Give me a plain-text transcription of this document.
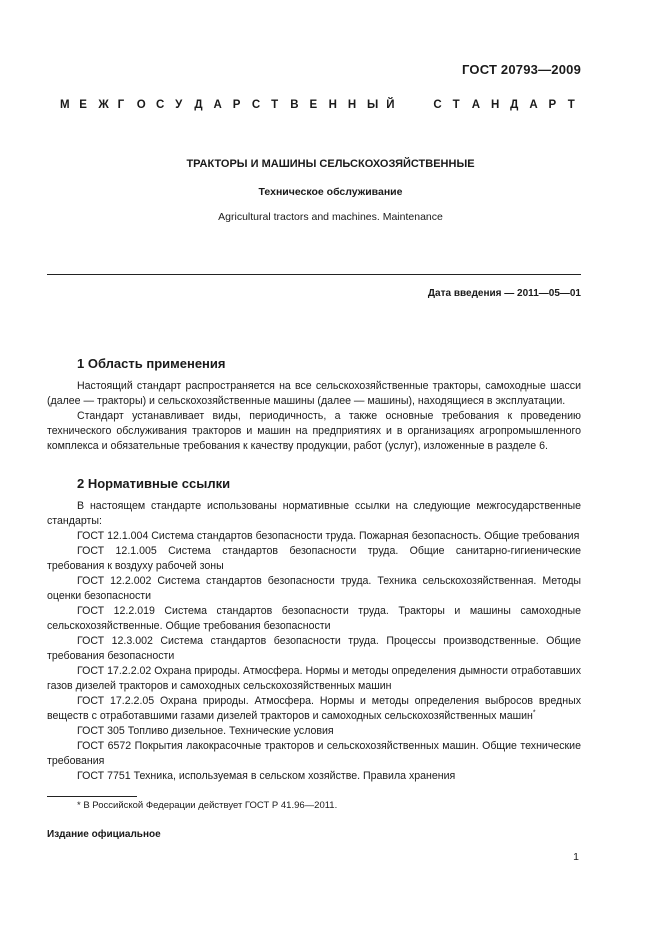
ГОСТ 20793—2009
М Е Ж Г О С У Д А Р С Т В Е Н Н Ы Й	С Т А Н Д А Р Т
ТРАКТОРЫ И МАШИНЫ СЕЛЬСКОХОЗЯЙСТВЕННЫЕ
Техническое обслуживание
Agricultural tractors and machines. Maintenance
Дата введения — 2011—05—01
1 Область применения

Настоящий стандарт распространяется на все сельскохозяйственные тракторы, самоходные шасси (далее — тракторы) и сельскохозяйственные машины (далее — машины), находящиеся в эксплуатации.

Стандарт устанавливает виды, периодичность, а также основные требования к проведению технического обслуживания тракторов и машин на предприятиях и в организациях агропромышленного комплекса и обязательные требования к качеству продукции, работ (услуг), изложенные в разделе 6.

2 Нормативные ссылки

В настоящем стандарте использованы нормативные ссылки на следующие межгосударственные стандарты:

ГОСТ 12.1.004 Система стандартов безопасности труда. Пожарная безопасность. Общие требования

ГОСТ 12.1.005 Система стандартов безопасности труда. Общие санитарно-гигиенические требования к воздуху рабочей зоны

ГОСТ 12.2.002 Система стандартов безопасности труда. Техника сельскохозяйственная. Методы оценки безопасности

ГОСТ 12.2.019 Система стандартов безопасности труда. Тракторы и машины самоходные сельскохозяйственные. Общие требования безопасности

ГОСТ 12.3.002 Система стандартов безопасности труда. Процессы производственные. Общие требования безопасности

ГОСТ 17.2.2.02 Охрана природы. Атмосфера. Нормы и методы определения дымности отработавших газов дизелей тракторов и самоходных сельскохозяйственных машин

ГОСТ 17.2.2.05 Охрана природы. Атмосфера. Нормы и методы определения выбросов вредных веществ с отработавшими газами дизелей тракторов и самоходных сельскохозяйственных машин*

ГОСТ 305 Топливо дизельное. Технические условия

ГОСТ 6572 Покрытия лакокрасочные тракторов и сельскохозяйственных машин. Общие технические требования

ГОСТ 7751 Техника, используемая в сельском хозяйстве. Правила хранения

* В Российской Федерации действует ГОСТ Р 41.96—2011.
Издание официальное
1
